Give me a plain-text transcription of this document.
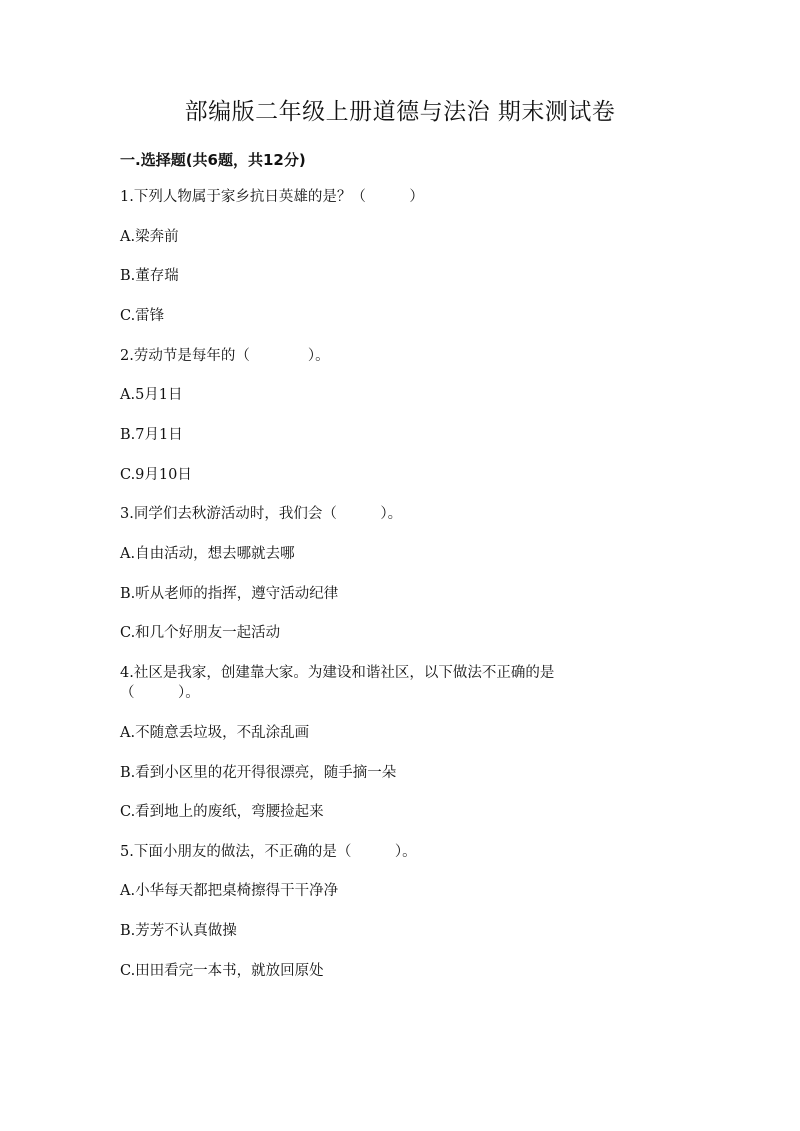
部编版二年级上册道德与法治 期末测试卷
一.选择题(共6题，共12分)
1.下列人物属于家乡抗日英雄的是？（　　　）
A.梁奔前
B.董存瑞
C.雷锋
2.劳动节是每年的（　　　　）。
A.5月1日
B.7月1日
C.9月10日
3.同学们去秋游活动时，我们会（　　　）。
A.自由活动，想去哪就去哪
B.听从老师的指挥，遵守活动纪律
C.和几个好朋友一起活动
4.社区是我家，创建靠大家。为建设和谐社区，以下做法不正确的是（　　　）。
A.不随意丢垃圾，不乱涂乱画
B.看到小区里的花开得很漂亮，随手摘一朵
C.看到地上的废纸，弯腰捡起来
5.下面小朋友的做法，不正确的是（　　　）。
A.小华每天都把桌椅擦得干干净净
B.芳芳不认真做操
C.田田看完一本书，就放回原处
